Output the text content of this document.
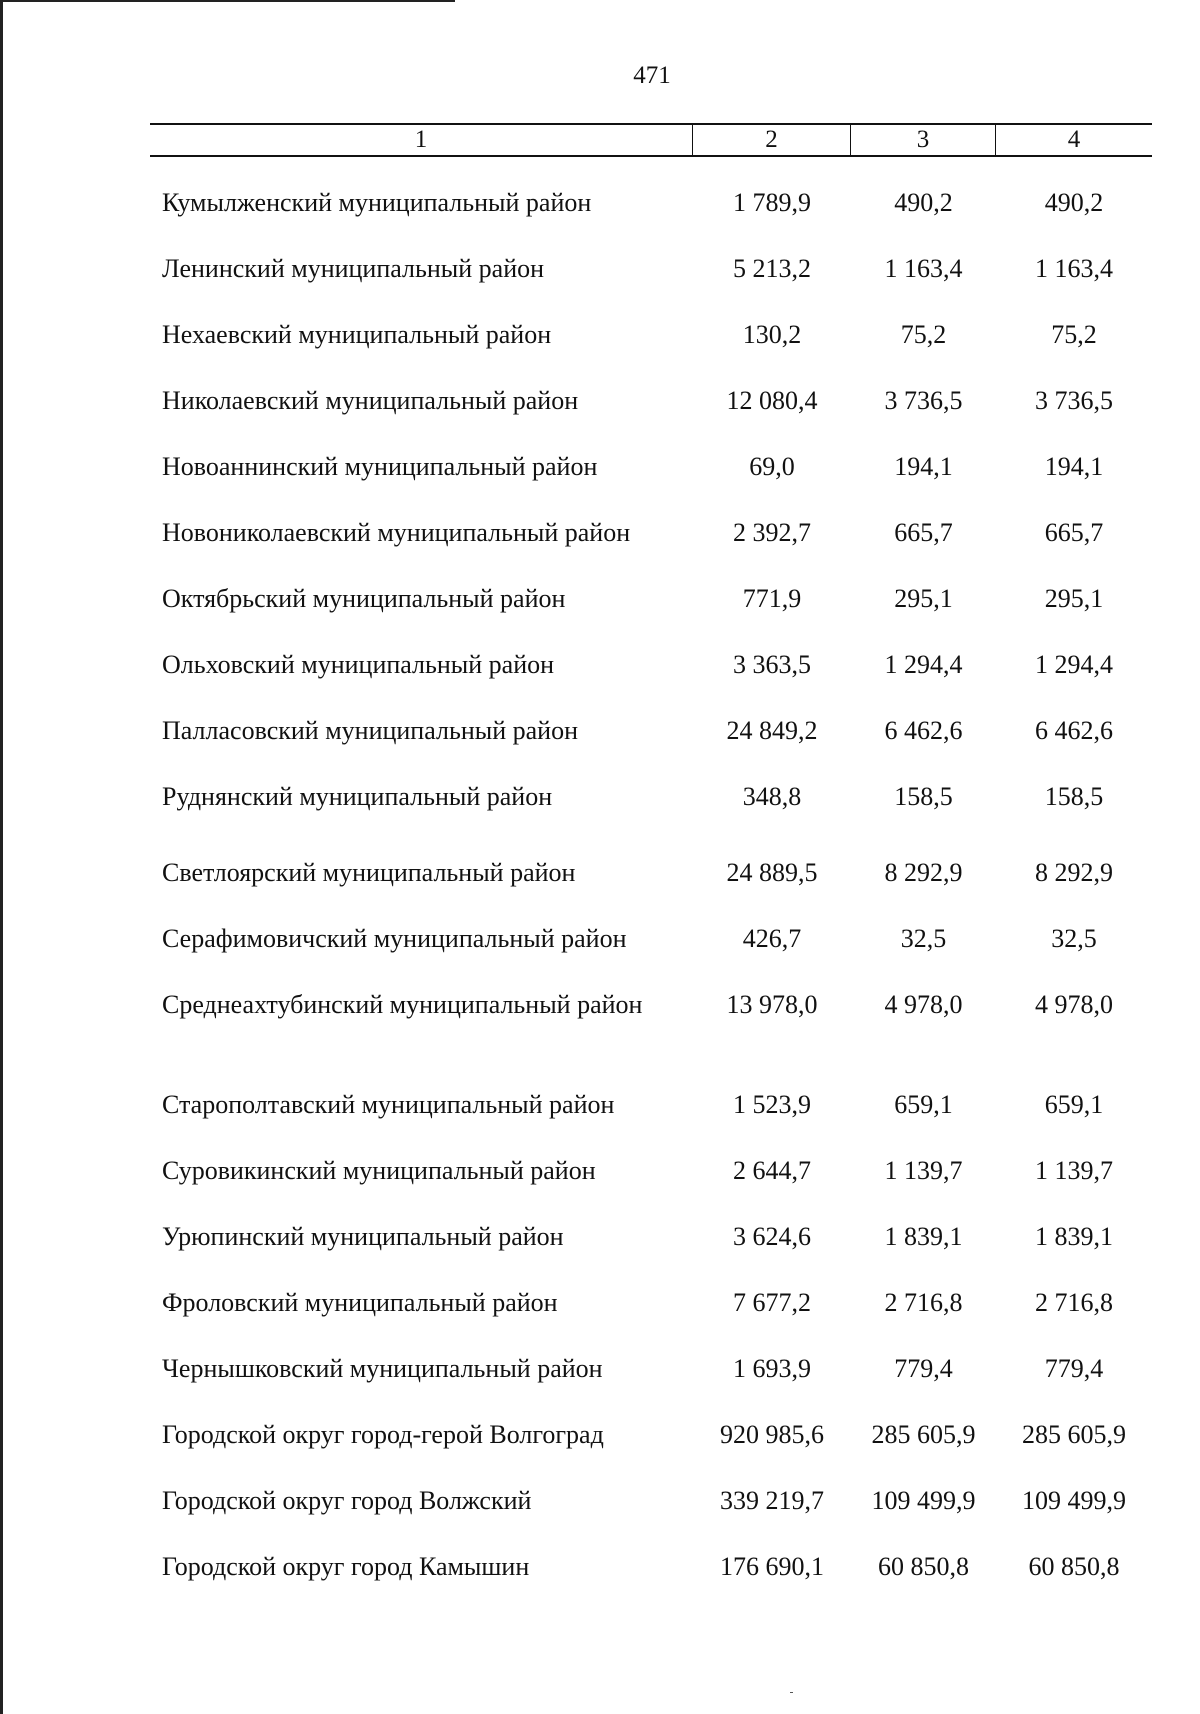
471
1	2	3	4
Кумылженский муниципальный район	1 789,9	490,2	490,2
Ленинский муниципальный район	5 213,2	1 163,4	1 163,4
Нехаевский муниципальный район	130,2	75,2	75,2
Николаевский муниципальный район	12 080,4	3 736,5	3 736,5
Новоаннинский муниципальный район	69,0	194,1	194,1
Новониколаевский муниципальный район	2 392,7	665,7	665,7
Октябрьский муниципальный район	771,9	295,1	295,1
Ольховский муниципальный район	3 363,5	1 294,4	1 294,4
Палласовский муниципальный район	24 849,2	6 462,6	6 462,6
Руднянский муниципальный район	348,8	158,5	158,5
Светлоярский муниципальный район	24 889,5	8 292,9	8 292,9
Серафимовичский муниципальный район	426,7	32,5	32,5
Среднеахтубинский муниципальный район	13 978,0	4 978,0	4 978,0
Старополтавский муниципальный район	1 523,9	659,1	659,1
Суровикинский муниципальный район	2 644,7	1 139,7	1 139,7
Урюпинский муниципальный район	3 624,6	1 839,1	1 839,1
Фроловский муниципальный район	7 677,2	2 716,8	2 716,8
Чернышковский муниципальный район	1 693,9	779,4	779,4
Городской округ город-герой Волгоград	920 985,6	285 605,9	285 605,9
Городской округ город Волжский	339 219,7	109 499,9	109 499,9
Городской округ город Камышин	176 690,1	60 850,8	60 850,8
